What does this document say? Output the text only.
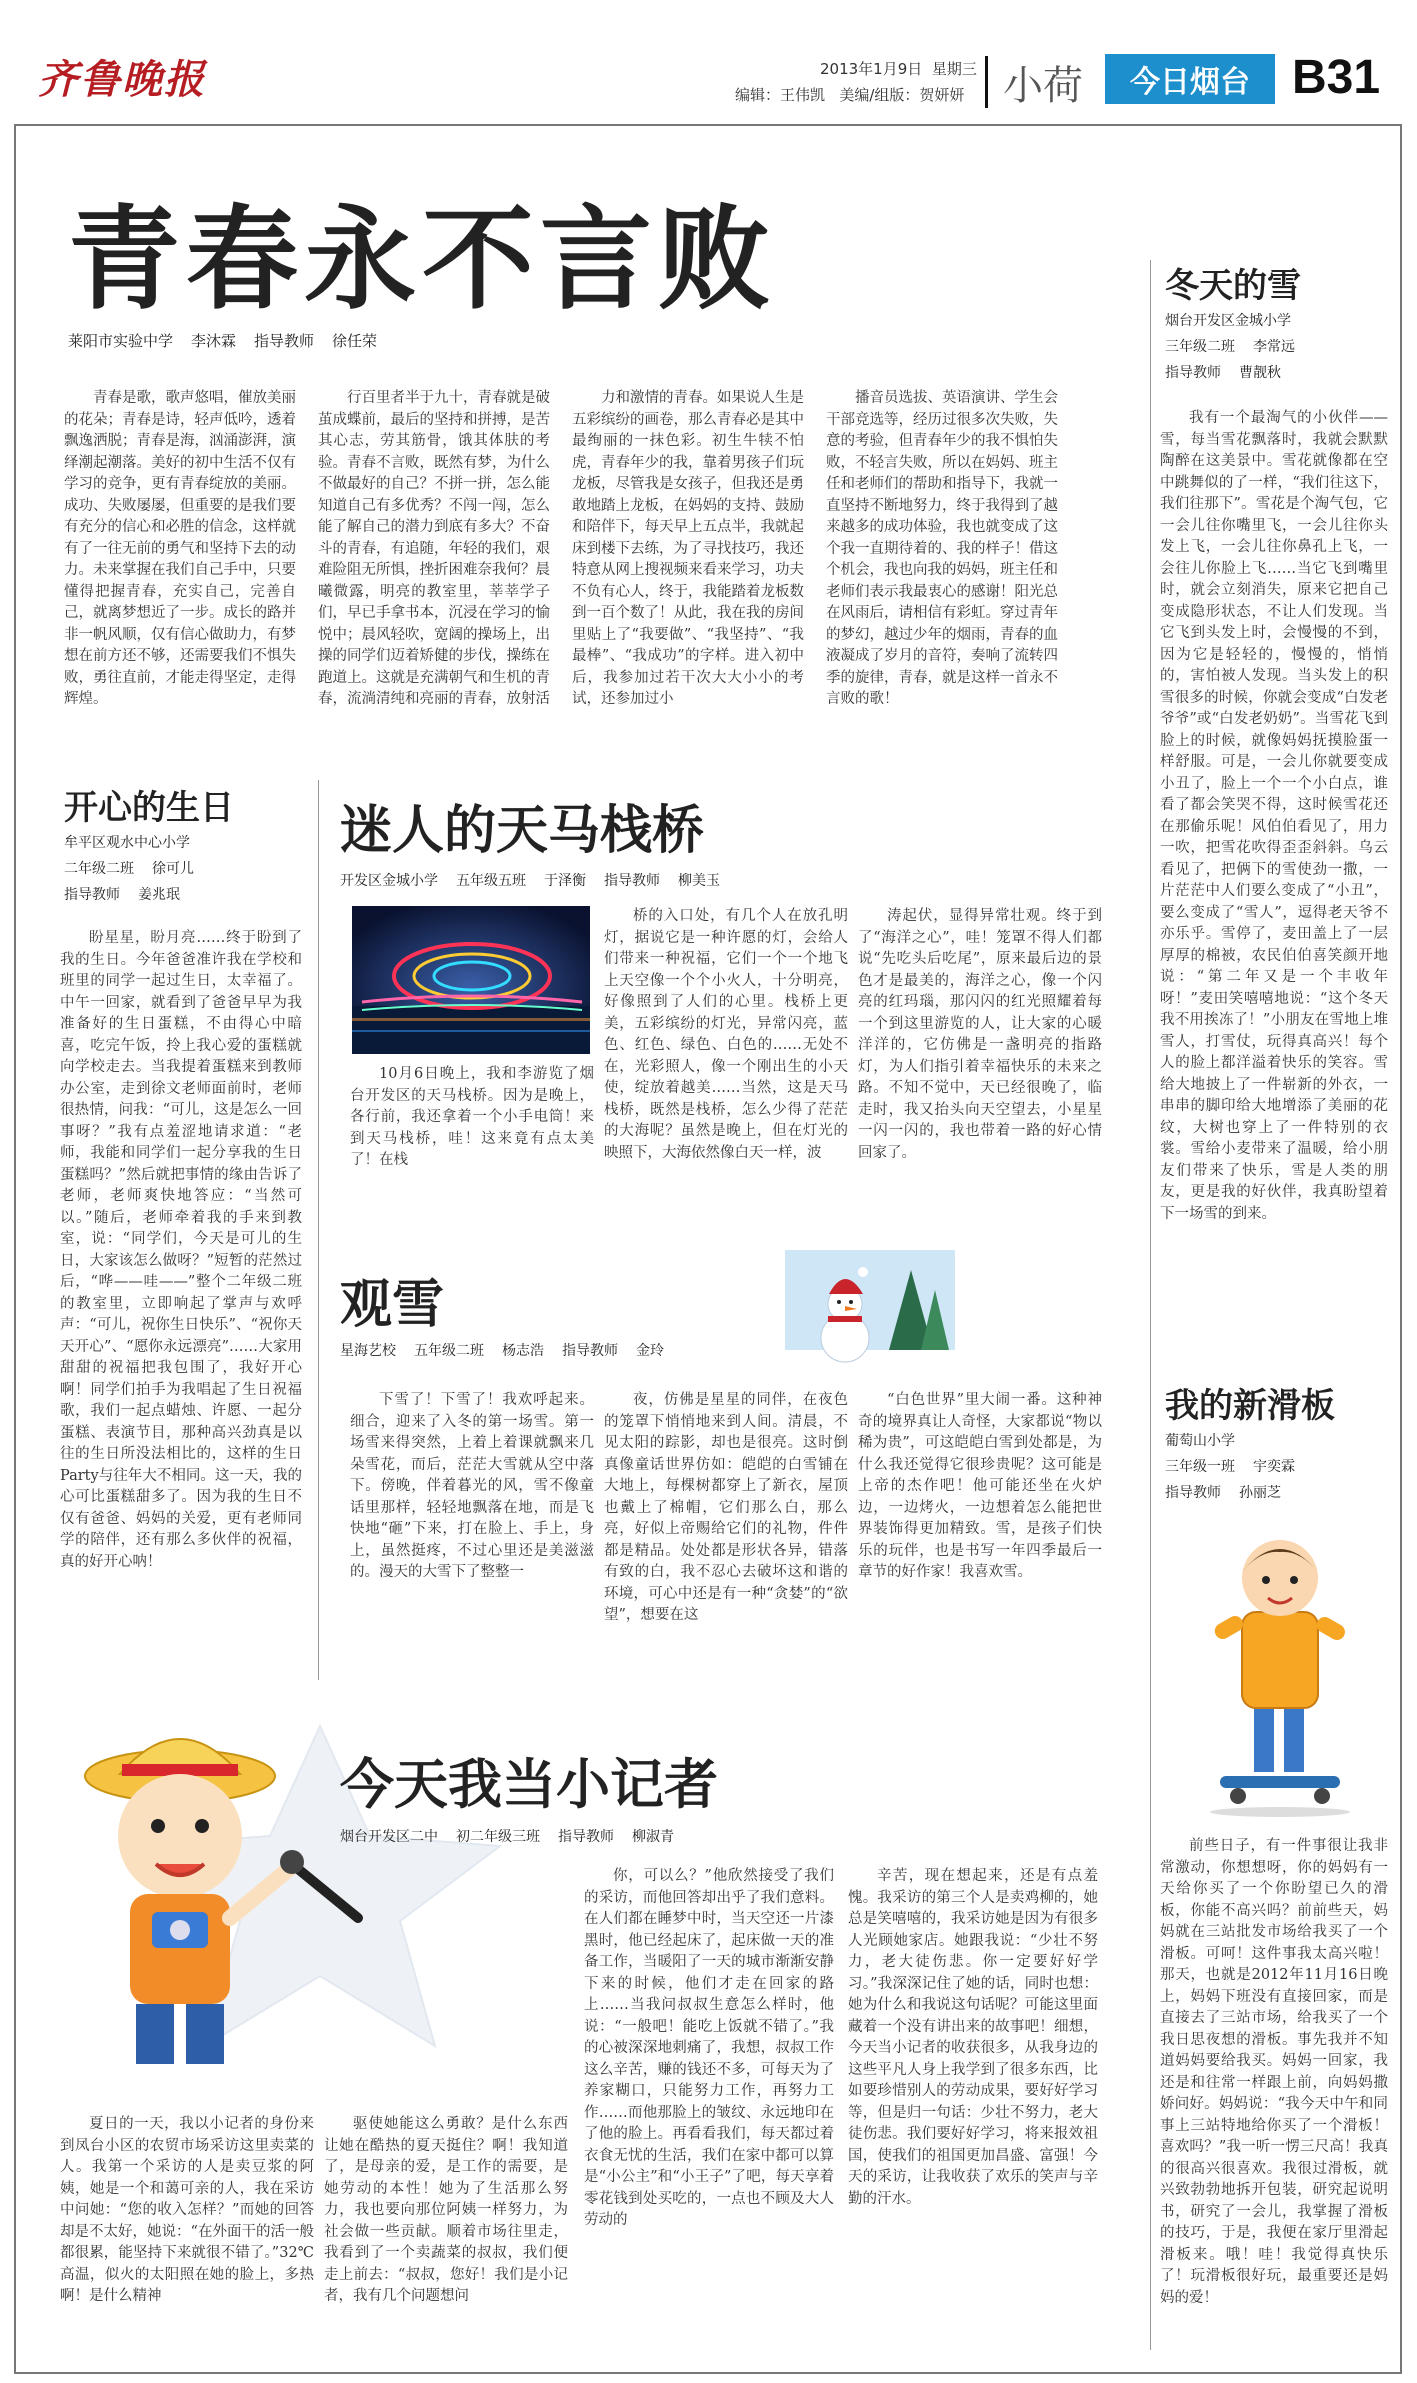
齐鲁晚报	2013年1月9日 星期三
编辑：王伟凯 美编/组版：贺妍妍 小荷	今日烟台 B31
青春永不言败
莱阳市实验中学 李沐霖 指导教师 徐任荣

青春是歌，歌声悠唱，催放美丽的花朵；青春是诗，轻声低吟，透着飘逸洒脱；青春是海，汹涌澎湃，演绎潮起潮落。美好的初中生活不仅有学习的竞争，更有青春绽放的美丽。成功、失败屡屡，但重要的是我们要有充分的信心和必胜的信念，这样就有了一往无前的勇气和坚持下去的动力。未来掌握在我们自己手中，只要懂得把握青春，充实自己，完善自己，就离梦想近了一步。成长的路并非一帆风顺，仅有信心做助力，有梦想在前方还不够，还需要我们不惧失败，勇往直前，才能走得坚定，走得辉煌。

行百里者半于九十，青春就是破茧成蝶前，最后的坚持和拼搏，是苦其心志，劳其筋骨，饿其体肤的考验。青春不言败，既然有梦，为什么不做最好的自己？不拼一拼，怎么能知道自己有多优秀？不闯一闯，怎么能了解自己的潜力到底有多大？不奋斗的青春，有追随，年轻的我们，艰难险阻无所惧，挫折困难奈我何？晨曦微露，明亮的教室里，莘莘学子们，早已手拿书本，沉浸在学习的愉悦中；晨风轻吹，宽阔的操场上，出操的同学们迈着矫健的步伐，操练在跑道上。这就是充满朝气和生机的青春，流淌清纯和亮丽的青春，放射活

力和激情的青春。如果说人生是五彩缤纷的画卷，那么青春必是其中最绚丽的一抹色彩。初生牛犊不怕虎，青春年少的我，靠着男孩子们玩龙板，尽管我是女孩子，但我还是勇敢地踏上龙板，在妈妈的支持、鼓励和陪伴下，每天早上五点半，我就起床到楼下去练，为了寻找技巧，我还特意从网上搜视频来看来学习，功夫不负有心人，终于，我能踏着龙板数到一百个数了！从此，我在我的房间里贴上了“我要做”、“我坚持”、“我最棒”、“我成功”的字样。进入初中后，我参加过若干次大大小小的考试，还参加过小

播音员选拔、英语演讲、学生会干部竞选等，经历过很多次失败，失意的考验，但青春年少的我不惧怕失败，不轻言失败，所以在妈妈、班主任和老师们的帮助和指导下，我就一直坚持不断地努力，终于我得到了越来越多的成功体验，我也就变成了这个我一直期待着的、我的样子！借这个机会，我也向我的妈妈，班主任和老师们表示我最衷心的感谢！阳光总在风雨后，请相信有彩虹。穿过青年的梦幻，越过少年的烟雨，青春的血液凝成了岁月的音符，奏响了流转四季的旋律，青春，就是这样一首永不言败的歌！

冬天的雪
烟台开发区金城小学
三年级二班 李常远
指导教师 曹靓秋

我有一个最淘气的小伙伴——雪，每当雪花飘落时，我就会默默陶醉在这美景中。雪花就像都在空中跳舞似的了一样，“我们往这下，我们往那下”。雪花是个淘气包，它一会儿往你嘴里飞，一会儿往你头发上飞，一会儿往你鼻孔上飞，一会往儿你脸上飞……当它飞到嘴里时，就会立刻消失，原来它把自己变成隐形状态，不让人们发现。当它飞到头发上时，会慢慢的不到，因为它是轻轻的，慢慢的，悄悄的，害怕被人发现。当头发上的积雪很多的时候，你就会变成“白发老爷爷”或“白发老奶奶”。当雪花飞到脸上的时候，就像妈妈抚摸脸蛋一样舒服。可是，一会儿你就要变成小丑了，脸上一个一个小白点，谁看了都会笑哭不得，这时候雪花还在那偷乐呢！风伯伯看见了，用力一吹，把雪花吹得歪歪斜斜。乌云看见了，把俩下的雪使劲一撒，一片茫茫中人们要么变成了“小丑”，要么变成了“雪人”，逗得老天爷不亦乐乎。雪停了，麦田盖上了一层厚厚的棉被，农民伯伯喜笑颜开地说：“第二年又是一个丰收年呀！”麦田笑嘻嘻地说：“这个冬天我不用挨冻了！”小朋友在雪地上堆雪人，打雪仗，玩得真高兴！每个人的脸上都洋溢着快乐的笑容。雪给大地披上了一件崭新的外衣，一串串的脚印给大地增添了美丽的花纹，大树也穿上了一件特别的衣裳。雪给小麦带来了温暖，给小朋友们带来了快乐，雪是人类的朋友，更是我的好伙伴，我真盼望着下一场雪的到来。

开心的生日
牟平区观水中心小学
二年级二班 徐可儿
指导教师 姜兆珉

盼星星，盼月亮……终于盼到了我的生日。今年爸爸准许我在学校和班里的同学一起过生日，太幸福了。中午一回家，就看到了爸爸早早为我准备好的生日蛋糕，不由得心中暗喜，吃完午饭，拎上我心爱的蛋糕就向学校走去。当我提着蛋糕来到教师办公室，走到徐文老师面前时，老师很热情，问我：“可儿，这是怎么一回事呀？”我有点羞涩地请求道：“老师，我能和同学们一起分享我的生日蛋糕吗？”然后就把事情的缘由告诉了老师，老师爽快地答应：“当然可以。”随后，老师牵着我的手来到教室，说：“同学们，今天是可儿的生日，大家该怎么做呀？”短暂的茫然过后，“哗——哇——”整个二年级二班的教室里，立即响起了掌声与欢呼声：“可儿，祝你生日快乐”、“祝你天天开心”、“愿你永远漂亮”……大家用甜甜的祝福把我包围了，我好开心啊！同学们拍手为我唱起了生日祝福歌，我们一起点蜡烛、许愿、一起分蛋糕、表演节目，那种高兴劲真是以往的生日所没法相比的，这样的生日Party与往年大不相同。这一天，我的心可比蛋糕甜多了。因为我的生日不仅有爸爸、妈妈的关爱，更有老师同学的陪伴，还有那么多伙伴的祝福，真的好开心呐！

迷人的天马栈桥
开发区金城小学 五年级五班 于泽衡 指导教师 柳美玉

10月6日晚上，我和李游览了烟台开发区的天马栈桥。因为是晚上，各行前，我还拿着一个小手电筒！来到天马栈桥，哇！这来竟有点太美了！在栈

桥的入口处，有几个人在放孔明灯，据说它是一种许愿的灯，会给人们带来一种祝福，它们一个一个地飞上天空像一个个小火人，十分明亮，好像照到了人们的心里。栈桥上更美，五彩缤纷的灯光，异常闪亮，蓝色、红色、绿色、白色的……无处不在，光彩照人，像一个刚出生的小天使，绽放着越美……当然，这是天马栈桥，既然是栈桥，怎么少得了茫茫的大海呢？虽然是晚上，但在灯光的映照下，大海依然像白天一样，波

涛起伏，显得异常壮观。终于到了“海洋之心”，哇！笼罩不得人们都说“先吃头后吃尾”，原来最后边的景色才是最美的，海洋之心，像一个闪亮的红玛瑙，那闪闪的红光照耀着每一个到这里游览的人，让大家的心暖洋洋的，它仿佛是一盏明亮的指路灯，为人们指引着幸福快乐的未来之路。不知不觉中，天已经很晚了，临走时，我又抬头向天空望去，小星星一闪一闪的，我也带着一路的好心情回家了。

观雪
星海艺校 五年级二班 杨志浩 指导教师 金玲

下雪了！下雪了！我欢呼起来。细合，迎来了入冬的第一场雪。第一场雪来得突然，上着上着课就飘来几朵雪花，而后，茫茫大雪就从空中落下。傍晚，伴着暮光的风，雪不像童话里那样，轻轻地飘落在地，而是飞快地“砸”下来，打在脸上、手上，身上，虽然挺疼，不过心里还是美滋滋的。漫天的大雪下了整整一

夜，仿佛是星星的同伴，在夜色的笼罩下悄悄地来到人间。清晨，不见太阳的踪影，却也是很亮。这时倒真像童话世界仿如：皑皑的白雪铺在大地上，每棵树都穿上了新衣，屋顶也戴上了棉帽，它们那么白，那么亮，好似上帝赐给它们的礼物，件件都是精品。处处都是形状各异，错落有致的白，我不忍心去破坏这和谐的环境，可心中还是有一种“贪婪”的“欲望”，想要在这

“白色世界”里大闹一番。这种神奇的境界真让人奇怪，大家都说“物以稀为贵”，可这皑皑白雪到处都是，为什么我还觉得它很珍贵呢？这可能是上帝的杰作吧！他可能还坐在火炉边，一边烤火，一边想着怎么能把世界装饰得更加精致。雪，是孩子们快乐的玩伴，也是书写一年四季最后一章节的好作家！我喜欢雪。

我的新滑板
葡萄山小学
三年级一班 宇奕霖
指导教师 孙丽芝

前些日子，有一件事很让我非常激动，你想想呀，你的妈妈有一天给你买了一个你盼望已久的滑板，你能不高兴吗？前前些天，妈妈就在三站批发市场给我买了一个滑板。可呵！这件事我太高兴啦！那天，也就是2012年11月16日晚上，妈妈下班没有直接回家，而是直接去了三站市场，给我买了一个我日思夜想的滑板。事先我并不知道妈妈要给我买。妈妈一回家，我还是和往常一样跟上前，向妈妈撒娇问好。妈妈说：“我今天中午和同事上三站特地给你买了一个滑板！喜欢吗？”我一听一愣三尺高！我真的很高兴很喜欢。我很过滑板，就兴致勃勃地拆开包装，研究起说明书，研究了一会儿，我掌握了滑板的技巧，于是，我便在家厅里滑起滑板来。哦！哇！我觉得真快乐了！玩滑板很好玩，最重要还是妈妈的爱！

今天我当小记者
烟台开发区二中 初二年级三班 指导教师 柳淑青

夏日的一天，我以小记者的身份来到凤台小区的农贸市场采访这里卖菜的人。我第一个采访的人是卖豆浆的阿姨，她是一个和蔼可亲的人，我在采访中问她：“您的收入怎样？”而她的回答却是不太好，她说：“在外面干的活一般都很累，能坚持下来就很不错了。”32℃高温，似火的太阳照在她的脸上，多热啊！是什么精神

驱使她能这么勇敢？是什么东西让她在酷热的夏天挺住？啊！我知道了，是母亲的爱，是工作的需要，是她劳动的本性！她为了生活那么努力，我也要向那位阿姨一样努力，为社会做一些贡献。顺着市场往里走，我看到了一个卖蔬菜的叔叔，我们便走上前去：“叔叔，您好！我们是小记者，我有几个问题想问

你，可以么？”他欣然接受了我们的采访，而他回答却出乎了我们意料。在人们都在睡梦中时，当天空还一片漆黑时，他已经起床了，起床做一天的准备工作，当暖阳了一天的城市渐渐安静下来的时候，他们才走在回家的路上……当我问叔叔生意怎么样时，他说：“一般吧！能吃上饭就不错了。”我的心被深深地刺痛了，我想，叔叔工作这么辛苦，赚的钱还不多，可每天为了养家糊口，只能努力工作，再努力工作……而他那脸上的皱纹、永远地印在了他的脸上。再看看我们，每天都过着衣食无忧的生活，我们在家中都可以算是“小公主”和“小王子”了吧，每天享着零花钱到处买吃的，一点也不顾及大人劳动的

辛苦，现在想起来，还是有点羞愧。我采访的第三个人是卖鸡柳的，她总是笑嘻嘻的，我采访她是因为有很多人光顾她家店。她跟我说：“少壮不努力，老大徒伤悲。你一定要好好学习。”我深深记住了她的话，同时也想：她为什么和我说这句话呢？可能这里面藏着一个没有讲出来的故事吧！细想，今天当小记者的收获很多，从我身边的这些平凡人身上我学到了很多东西，比如要珍惜别人的劳动成果，要好好学习等，但是归一句话：少壮不努力，老大徒伤悲。我们要好好学习，将来报效祖国，使我们的祖国更加昌盛、富强！今天的采访，让我收获了欢乐的笑声与辛勤的汗水。
